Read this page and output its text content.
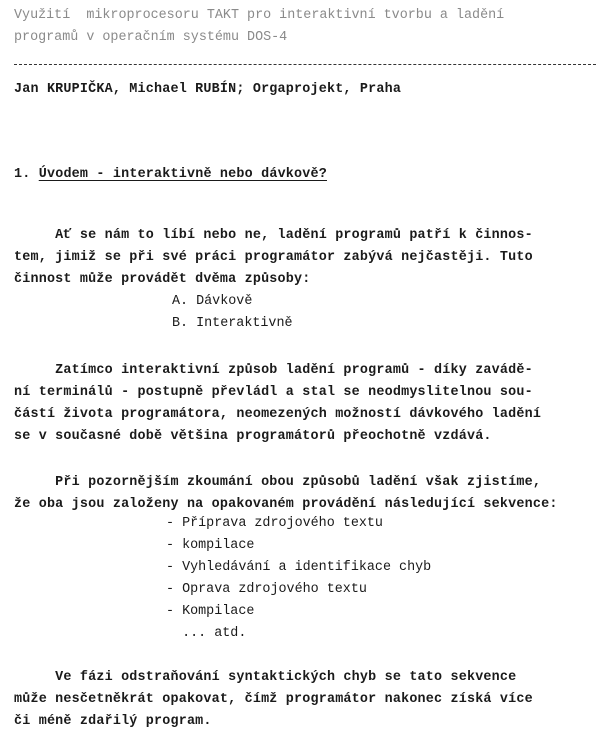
Využití  mikroprocesoru TAKT pro interaktivní tvorbu a ladění
programů v operačním systému DOS-4
Jan KRUPIČKA, Michael RUBÍN; Orgaprojekt, Praha
1. Úvodem - interaktivně nebo dávkově?
Ať se nám to líbí nebo ne, ladění programů patří k činnos-
tem, jimiž se při své práci programátor zabývá nejčastěji. Tuto
činnost může provádět dvěma způsoby:
A. Dávkově
B. Interaktivně
Zatímco interaktivní způsob ladění programů - díky zavádě-
ní terminálů - postupně převládl a stal se neodmyslitelnou sou-
částí života programátora, neomezených možností dávkového ladění
se v současné době většina programátorů přeochotně vzdává.
Při pozornějším zkoumání obou způsobů ladění však zjistíme,
že oba jsou založeny na opakovaném provádění následující sekvence:
- Příprava zdrojového textu
- kompilace
- Vyhledávání a identifikace chyb
- Oprava zdrojového textu
- Kompilace
... atd.
Ve fázi odstraňování syntaktických chyb se tato sekvence
může nesčetněkrát opakovat, čímž programátor nakonec získá více
či méně zdařilý program.
